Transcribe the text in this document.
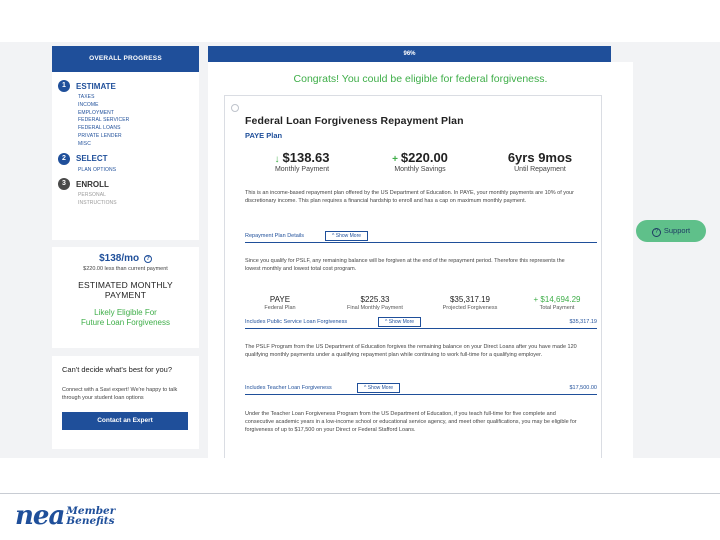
OVERALL PROGRESS
1	ESTIMATE
TAXES
INCOME
EMPLOYMENT
FEDERAL SERVICER
FEDERAL LOANS
PRIVATE LENDER
MISC
2	SELECT
PLAN OPTIONS
3	ENROLL
PERSONAL
INSTRUCTIONS
$138/mo ?
$220.00 less than current payment
ESTIMATED MONTHLY
PAYMENT
Likely Eligible For
Future Loan Forgiveness
Can't decide what's best for you?
Connect with a Savi expert! We're happy to talk through your student loan options
Contact an Expert
96%
Congrats! You could be eligible for federal forgiveness.
Federal Loan Forgiveness Repayment Plan
PAYE Plan
↓ $138.63
Monthly Payment
+ $220.00
Monthly Savings
6yrs 9mos
Until Repayment
This is an income-based repayment plan offered by the US Department of Education. In PAYE, your monthly payments are 10% of your discretionary income. This plan requires a financial hardship to enroll and has a cap on maximum monthly payment.
Repayment Plan Details	^ Show More
Since you qualify for PSLF, any remaining balance will be forgiven at the end of the repayment period. Therefore this represents the lowest monthly and lowest total cost program.
PAYE
Federal Plan
$225.33
Final Monthly Payment
$35,317.19
Projected Forgiveness
+ $14,694.29
Total Payment
Includes Public Service Loan Forgiveness	^ Show More	$35,317.19
The PSLF Program from the US Department of Education forgives the remaining balance on your Direct Loans after you have made 120 qualifying monthly payments under a qualifying repayment plan while continuing to work full-time for a qualifying employer.
Includes Teacher Loan Forgiveness	^ Show More	$17,500.00
Under the Teacher Loan Forgiveness Program from the US Department of Education, if you teach full-time for five complete and consecutive academic years in a low-income school or educational service agency, and meet other qualifications, you may be eligible for forgiveness of up to $17,500 on your Direct or Federal Stafford Loans.
? Support
nea Member
Benefits
